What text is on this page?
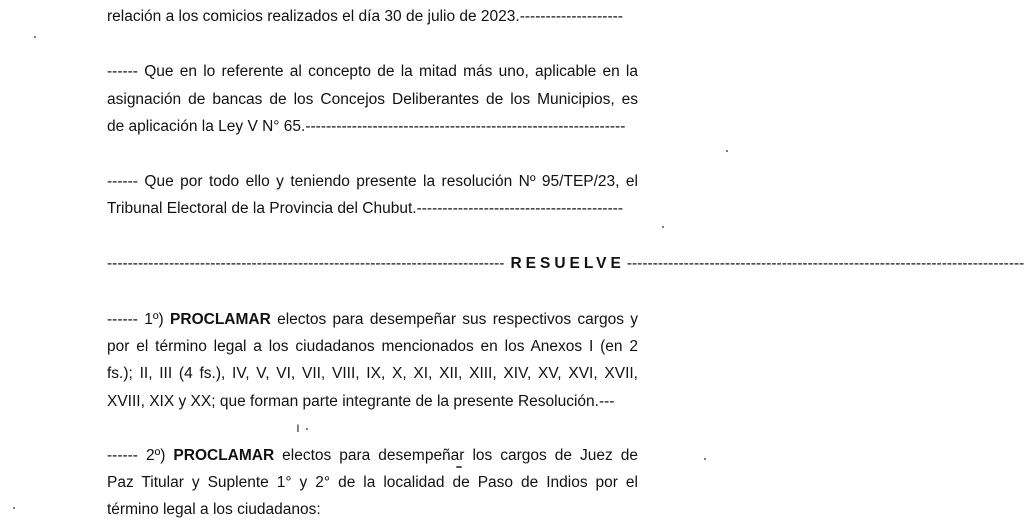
relación a los comicios realizados el día 30 de julio de 2023.--------------------
------ Que en lo referente al concepto de la mitad más uno, aplicable en la
asignación de bancas de los Concejos Deliberantes de los Municipios, es
de aplicación la Ley V N° 65.--------------------------------------------------------------
------ Que por todo ello y teniendo presente la resolución Nº 95/TEP/23, el
Tribunal Electoral de la Provincia del Chubut.----------------------------------------
----------------------------------------------------------------------------- RESUELVE -----------------------------------------------------------------------------
------ 1º) PROCLAMAR electos para desempeñar sus respectivos cargos y
por el término legal a los ciudadanos mencionados en los Anexos I (en 2
fs.); II, III (4 fs.), IV, V, VI, VII, VIII, IX, X, XI, XII, XIII, XIV, XV, XVI, XVII,
XVIII, XIX y XX; que forman parte integrante de la presente Resolución.---
------ 2º) PROCLAMAR electos para desempeñar los cargos de Juez de
Paz Titular y Suplente 1° y 2° de la localidad de Paso de Indios por el
término legal a los ciudadanos:
ı
